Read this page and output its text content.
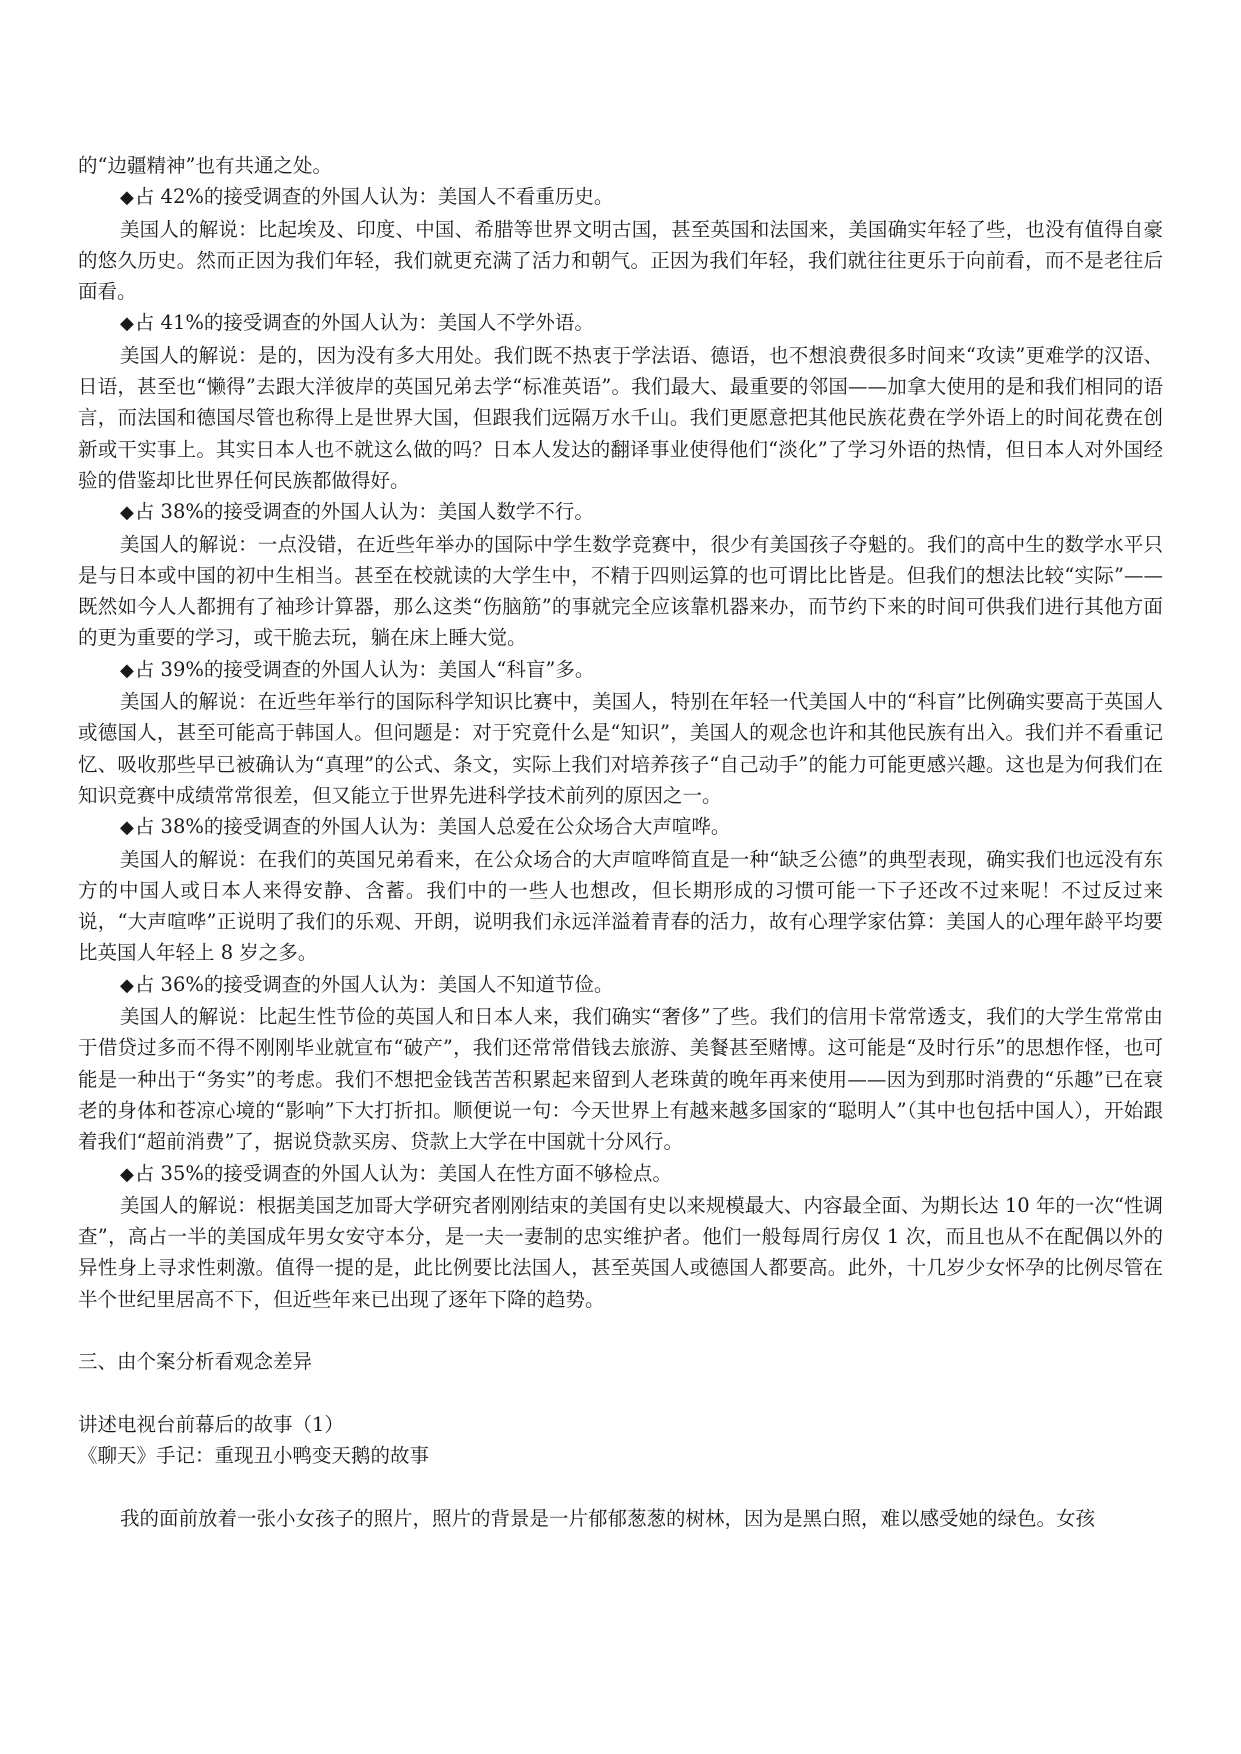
的“边疆精神”也有共通之处。

◆占 42%的接受调查的外国人认为：美国人不看重历史。

美国人的解说：比起埃及、印度、中国、希腊等世界文明古国，甚至英国和法国来，美国确实年轻了些，也没有值得自豪的悠久历史。然而正因为我们年轻，我们就更充满了活力和朝气。正因为我们年轻，我们就往往更乐于向前看，而不是老往后面看。

◆占 41%的接受调查的外国人认为：美国人不学外语。

美国人的解说：是的，因为没有多大用处。我们既不热衷于学法语、德语，也不想浪费很多时间来“攻读”更难学的汉语、日语，甚至也“懒得”去跟大洋彼岸的英国兄弟去学“标准英语”。我们最大、最重要的邻国——加拿大使用的是和我们相同的语言，而法国和德国尽管也称得上是世界大国，但跟我们远隔万水千山。我们更愿意把其他民族花费在学外语上的时间花费在创新或干实事上。其实日本人也不就这么做的吗？日本人发达的翻译事业使得他们“淡化”了学习外语的热情，但日本人对外国经验的借鉴却比世界任何民族都做得好。

◆占 38%的接受调查的外国人认为：美国人数学不行。

美国人的解说：一点没错，在近些年举办的国际中学生数学竞赛中，很少有美国孩子夺魁的。我们的高中生的数学水平只是与日本或中国的初中生相当。甚至在校就读的大学生中，不精于四则运算的也可谓比比皆是。但我们的想法比较“实际”——既然如今人人都拥有了袖珍计算器，那么这类“伤脑筋”的事就完全应该靠机器来办，而节约下来的时间可供我们进行其他方面的更为重要的学习，或干脆去玩，躺在床上睡大觉。

◆占 39%的接受调查的外国人认为：美国人“科盲”多。

美国人的解说：在近些年举行的国际科学知识比赛中，美国人，特别在年轻一代美国人中的“科盲”比例确实要高于英国人或德国人，甚至可能高于韩国人。但问题是：对于究竟什么是“知识”，美国人的观念也许和其他民族有出入。我们并不看重记忆、吸收那些早已被确认为“真理”的公式、条文，实际上我们对培养孩子“自己动手”的能力可能更感兴趣。这也是为何我们在知识竞赛中成绩常常很差，但又能立于世界先进科学技术前列的原因之一。

◆占 38%的接受调查的外国人认为：美国人总爱在公众场合大声喧哗。

美国人的解说：在我们的英国兄弟看来，在公众场合的大声喧哗简直是一种“缺乏公德”的典型表现，确实我们也远没有东方的中国人或日本人来得安静、含蓄。我们中的一些人也想改，但长期形成的习惯可能一下子还改不过来呢！不过反过来说，“大声喧哗”正说明了我们的乐观、开朗，说明我们永远洋溢着青春的活力，故有心理学家估算：美国人的心理年龄平均要比英国人年轻上 8 岁之多。

◆占 36%的接受调查的外国人认为：美国人不知道节俭。

美国人的解说：比起生性节俭的英国人和日本人来，我们确实“奢侈”了些。我们的信用卡常常透支，我们的大学生常常由于借贷过多而不得不刚刚毕业就宣布“破产”，我们还常常借钱去旅游、美餐甚至赌博。这可能是“及时行乐”的思想作怪，也可能是一种出于“务实”的考虑。我们不想把金钱苦苦积累起来留到人老珠黄的晚年再来使用——因为到那时消费的“乐趣”已在衰老的身体和苍凉心境的“影响”下大打折扣。顺便说一句：今天世界上有越来越多国家的“聪明人”（其中也包括中国人），开始跟着我们“超前消费”了，据说贷款买房、贷款上大学在中国就十分风行。

◆占 35%的接受调查的外国人认为：美国人在性方面不够检点。

美国人的解说：根据美国芝加哥大学研究者刚刚结束的美国有史以来规模最大、内容最全面、为期长达 10 年的一次“性调查”，高占一半的美国成年男女安守本分，是一夫一妻制的忠实维护者。他们一般每周行房仅 1 次，而且也从不在配偶以外的异性身上寻求性刺激。值得一提的是，此比例要比法国人，甚至英国人或德国人都要高。此外，十几岁少女怀孕的比例尽管在半个世纪里居高不下，但近些年来已出现了逐年下降的趋势。

三、由个案分析看观念差异

讲述电视台前幕后的故事（1）

《聊天》手记：重现丑小鸭变天鹅的故事

我的面前放着一张小女孩子的照片，照片的背景是一片郁郁葱葱的树林，因为是黑白照，难以感受她的绿色。女孩
